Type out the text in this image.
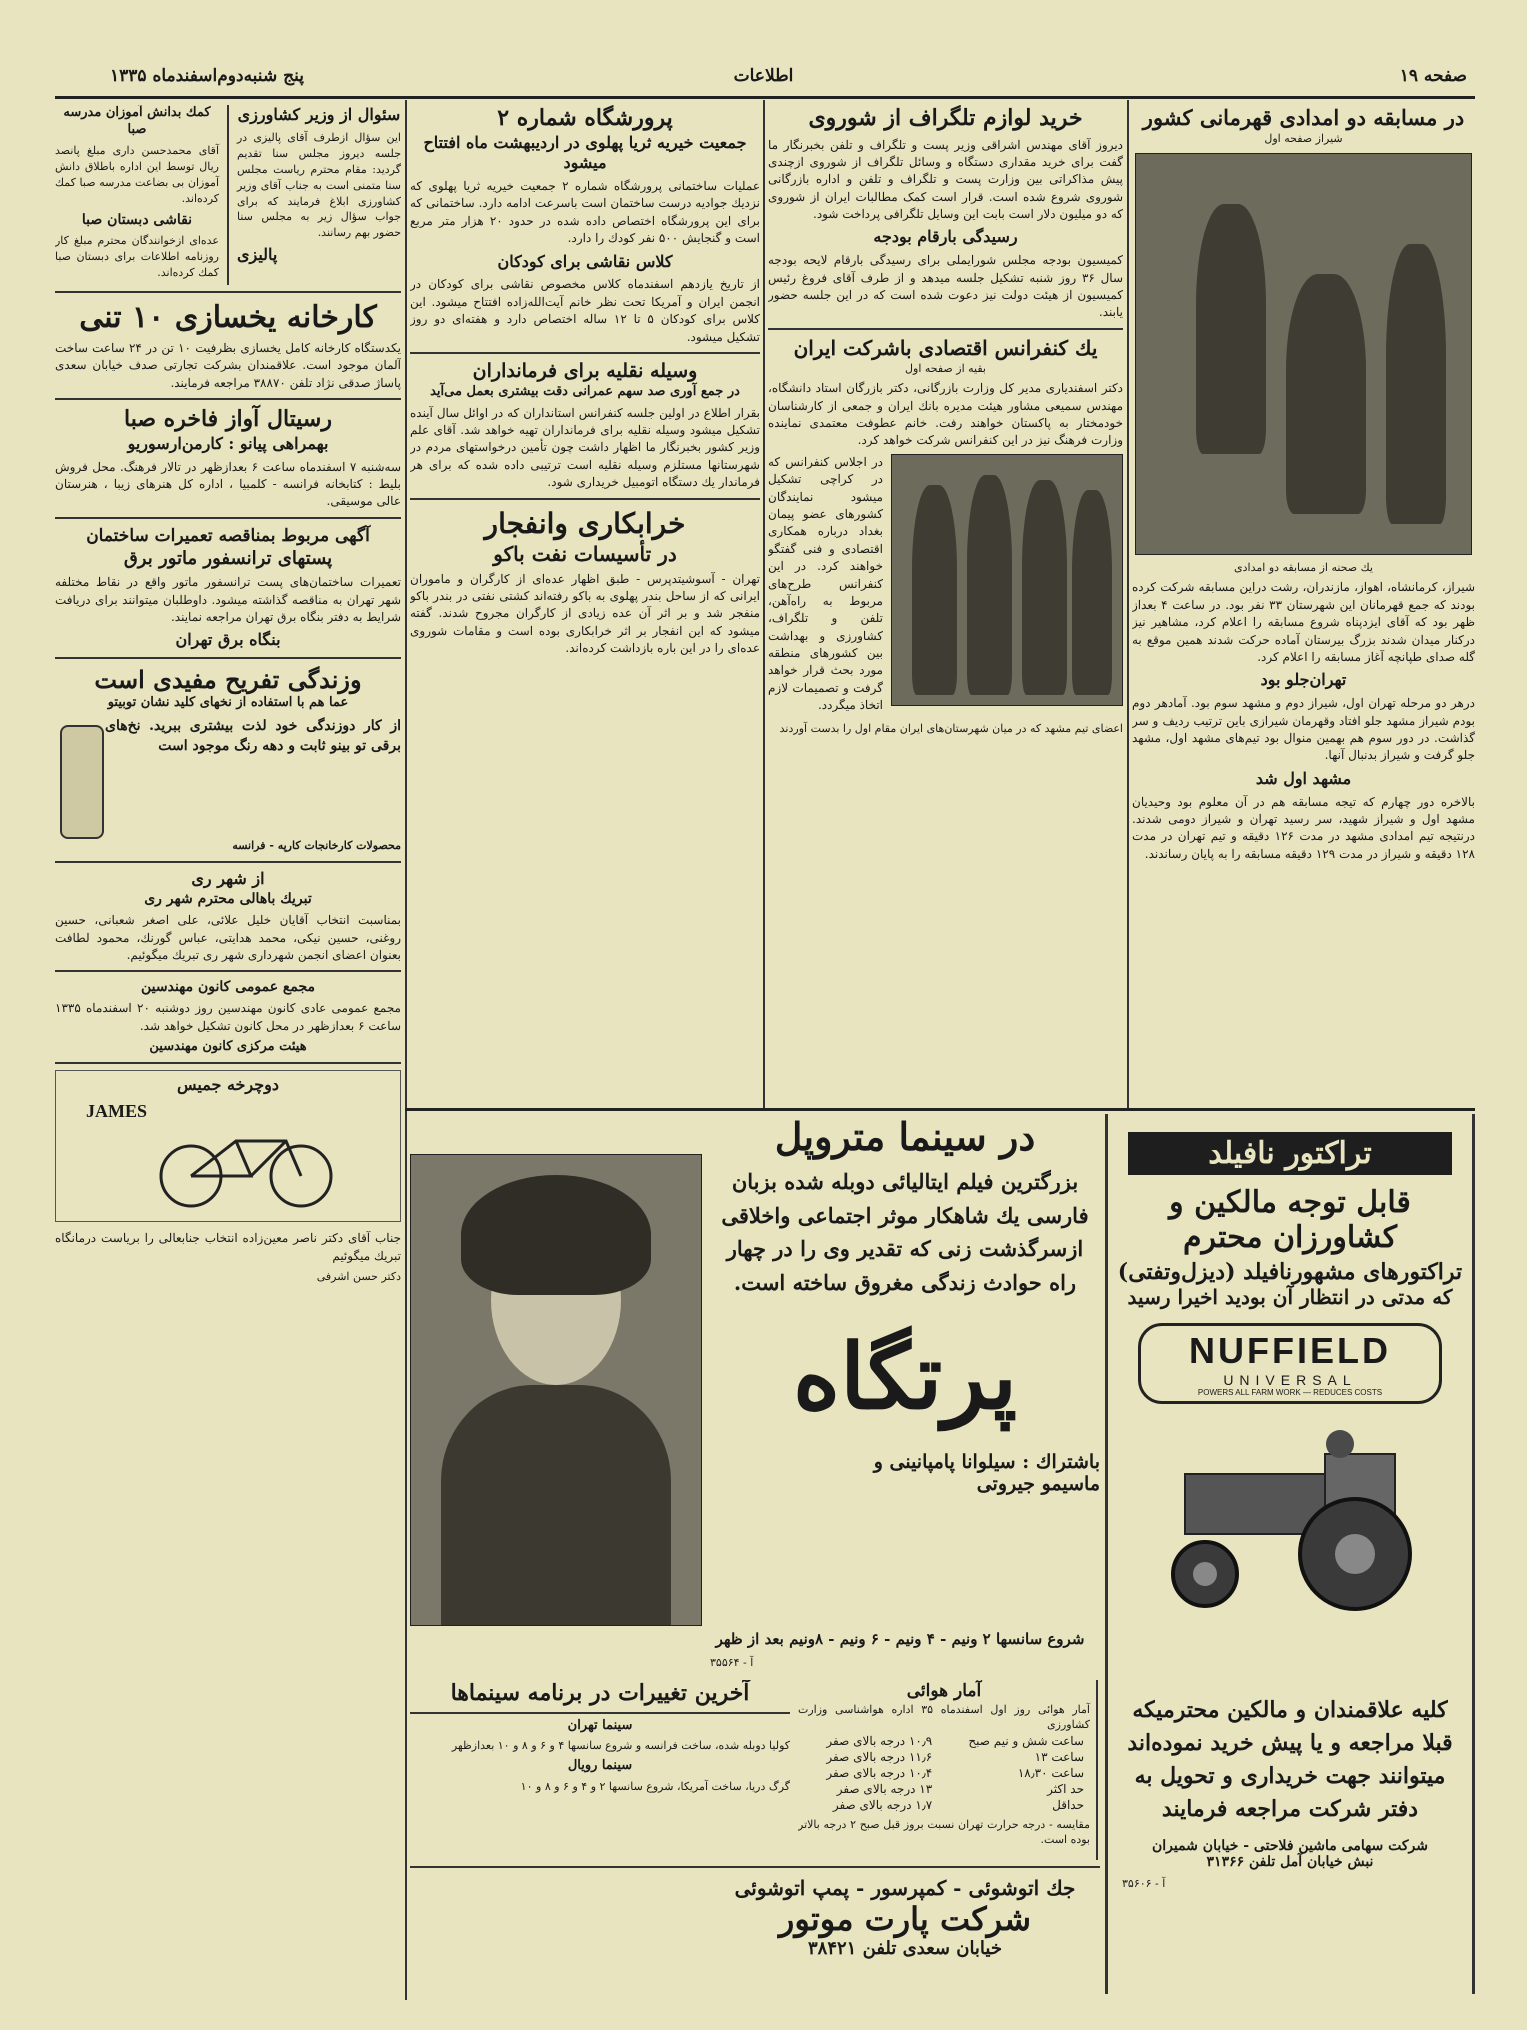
صفحه ۱۹
اطلاعات
پنج شنبه‌دوم‌اسفندماه ۱۳۳۵
در مسابقه دو امدادی قهرمانی کشور
شیراز صفحه اول
یك صحنه از مسابقه دو امدادی
شیراز، کرمانشاه، اهواز، مازندران، رشت دراین مسابقه شرکت کرده بودند که جمع قهرمانان این شهرستان ۳۳ نفر بود. در ساعت ۴ بعداز ظهر بود که آقای ایزدپناه شروع مسابقه را اعلام کرد، مشاهیر نیز درکنار میدان شدند بزرگ بیرستان آماده حرکت شدند همین موقع به گله صدای طپانچه آغاز مسابقه را اعلام کرد.
تهران‌جلو بود
درهر دو مرحله تهران اول، شیراز دوم و مشهد سوم بود. آمادهر دوم بودم شیراز مشهد جلو افتاد وقهرمان شیرازی باین ترتیب ردیف و سر گذاشت. در دور سوم هم بهمین منوال بود تیم‌های مشهد اول، مشهد جلو گرفت و شیراز بدنبال آنها.
مشهد اول شد
بالاخره دور چهارم که تیجه مسابقه هم‌ در آن معلوم بود وحیدیان مشهد اول و شیراز شهید، سر رسید تهران و شیراز دومی شدند. درنتیجه تیم امدادی مشهد در مدت ۱۲۶ دقیقه و تیم تهران در مدت ۱۲۸ دقیقه و شیراز در مدت ۱۲۹ دقیقه مسابقه را به پایان رساندند.
خرید لوازم تلگراف از شوروی
دیروز آقای مهندس اشراقی وزیر پست و تلگراف و تلفن بخبرنگار ما گفت برای خرید مقداری دستگاه و وسائل تلگراف از شوروی ازچندی پیش مذاکراتی بین وزارت پست و تلگراف و تلفن و اداره بازرگانی شوروی شروع شده است. قرار است کمک مطالبات ایران از شوروی که دو میلیون دلار است بابت این وسایل تلگرافی پرداخت شود.
رسیدگی بارقام بودجه
کمیسیون بودجه مجلس شورایملی برای رسیدگی بارقام لایحه بودجه سال ۳۶ روز شنبه تشکیل جلسه میدهد و از طرف آقای فروغ رئیس کمیسیون از هیئت دولت نیز دعوت شده است که در این جلسه حضور یابند.
یك کنفرانس اقتصادی باشرکت ایران
بقیه از صفحه اول
دکتر اسفندیاری مدیر کل وزارت بازرگانی، دکتر بازرگان استاد دانشگاه، مهندس سمیعی مشاور هیئت مدیره بانك ایران و جمعی از کارشناسان خودمختار به پاکستان خواهند رفت. خانم عطوفت معتمدی نماینده وزارت فرهنگ نیز در این کنفرانس شرکت خواهد کرد.
در اجلاس کنفرانس که در کراچی تشکیل میشود نمایندگان کشورهای عضو پیمان بغداد درباره همکاری اقتصادی و فنی گفتگو خواهند کرد. در این کنفرانس طرح‌های مربوط به راه‌آهن، تلفن و تلگراف، کشاورزی و بهداشت بین کشورهای منطقه مورد بحث قرار خواهد گرفت و تصمیمات لازم اتخاذ میگردد.
اعضای تیم مشهد که در میان شهرستان‌های ایران مقام اول را بدست آوردند
پرورشگاه شماره ۲
جمعیت خیریه ثریا پهلوی در اردیبهشت ماه افتتاح میشود
عملیات ساختمانی پرورشگاه شماره ۲ جمعیت خیریه ثریا پهلوی که نزدیك جوادیه درست ساختمان است باسرعت ادامه دارد. ساختمانی که برای این پرورشگاه اختصاص داده شده در حدود ۲۰ هزار متر مربع است و گنجایش ۵۰۰ نفر کودك را دارد.
کلاس نقاشی برای کودکان
از تاریخ یازدهم اسفندماه کلاس مخصوص نقاشی برای کودکان در انجمن ایران و آمریکا تحت نظر خانم آیت‌الله‌زاده افتتاح میشود. این کلاس برای کودکان ۵ تا ۱۲ ساله اختصاص دارد و هفته‌ای دو روز تشکیل میشود.
وسیله نقلیه برای فرمانداران
در جمع آوری صد سهم عمرانی دقت بیشتری بعمل می‌آید
بقرار اطلاع در اولین جلسه کنفرانس استانداران که در اوائل سال آینده تشکیل میشود وسیله نقلیه برای فرمانداران تهیه خواهد شد. آقای علم وزیر کشور بخبرنگار ما اظهار داشت چون تأمین درخواستهای مردم در شهرستانها مستلزم وسیله نقلیه است ترتیبی داده شده که برای هر فرماندار یك دستگاه اتومبیل خریداری شود.
خرابکاری وانفجار
در تأسیسات نفت باکو
تهران - آسوشیتدپرس - طبق اظهار عده‌ای از کارگران و ماموران ایرانی که از ساحل بندر پهلوی به باکو رفته‌اند کشتی نفتی در بندر باکو منفجر شد و بر اثر آن عده زیادی از کارگران مجروح شدند. گفته میشود که این انفجار بر اثر خرابکاری بوده است و مقامات شوروی عده‌ای را در این باره بازداشت کرده‌اند.
سئوال از وزیر کشاورزی
این سؤال ازطرف آقای پالیزی در جلسه دیروز مجلس سنا تقدیم گردید: مقام محترم ریاست مجلس سنا متمنی است به جناب آقای وزیر کشاورزی ابلاغ فرمایند که برای جواب سؤال زیر به مجلس سنا حضور بهم رسانند.
پالیزی
کمك بدانش آموزان مدرسه صبا
آقای محمدحسن داری مبلغ پانصد ریال توسط این اداره باطلاق دانش آموزان بی بضاعت مدرسه صبا کمك کرده‌اند.
نقاشی دبستان صبا
عده‌ای ازخوانندگان محترم مبلغ کار روزنامه اطلاعات برای دبستان صبا کمك کرده‌اند.
کارخانه یخسازی ۱۰ تنی
یکدستگاه کارخانه کامل یخسازی بظرفیت ۱۰ تن در ۲۴ ساعت ساخت آلمان موجود است. علاقمندان بشرکت تجارتی صدف خیابان سعدی پاساژ صدقی نژاد تلفن ۳۸۸۷۰ مراجعه فرمایند.
رسیتال آواز فاخره صبا
بهمراهی پیانو : کارمن‌ارسوریو
سه‌شنبه ۷ اسفندماه ساعت ۶ بعدازظهر در تالار فرهنگ. محل فروش بلیط : کتابخانه فرانسه - کلمبیا ، اداره کل هنرهای زیبا ، هنرستان عالی موسیقی.
آگهی مربوط بمناقصه تعمیرات ساختمان
پستهای ترانسفور ماتور برق
تعمیرات ساختمان‌های پست ترانسفور ماتور واقع در نقاط مختلفه شهر تهران به مناقصه گذاشته میشود. داوطلبان میتوانند برای دریافت شرایط به دفتر بنگاه برق تهران مراجعه نمایند.
بنگاه برق تهران
وزندگی تفریح مفیدی است
عما هم با استفاده از نخهای کلید نشان توبیتو
از کار دوزندگی خود لذت بیشتری ببرید. نخ‌های برقی تو بینو ثابت و دهه رنگ موجود است
محصولات کارخانجات کارپه - فرانسه
از شهر ری
تبریك باهالی محترم شهر ری
بمناسبت انتخاب آقایان خلیل علائی، علی اصغر شعبانی، حسین روغنی، حسین نیکی، محمد هدایتی، عباس گورنك، محمود لطافت بعنوان اعضای انجمن شهرداری شهر ری تبریك میگوئیم.
مجمع عمومی کانون مهندسین
مجمع عمومی عادی کانون مهندسین روز دوشنبه ۲۰ اسفندماه ۱۳۳۵ ساعت ۶ بعدازظهر در محل کانون تشکیل خواهد شد.
هیئت مرکزی کانون مهندسین
دوچرخه جمیس
JAMES
جناب آقای دکتر ناصر معین‌زاده انتخاب جنابعالی را بریاست درمانگاه تبریك میگوئیم
دکتر حسن اشرفی
در سینما متروپل
بزرگترین فیلم ایتالیائی دوبله شده بزبان فارسی يك شاهكار موثر اجتماعی واخلاقی ازسرگذشت زنی كه تقدیر وی را در چهار راه حوادث زندگی مغروق ساخته است.
پرتگاه
باشتراك : سیلوانا پامپانینی و
ماسیمو جیروتی
شروع سانسها ۲ ونیم - ۴ ونیم - ۶ ونیم - ۸ونیم بعد از ظهر
آ - ۳۵۵۶۴
تراکتور نافیلد
قابل توجه مالکین و
کشاورزان محترم
تراکتورهای مشهورنافیلد (دیزل‌وتفتی)
که مدتی در انتظار آن بودید اخیرا رسید
NUFFIELD
UNIVERSAL
POWERS ALL FARM WORK — REDUCES COSTS
کلیه علاقمندان و مالکین محترمیکه
قبلا مراجعه و یا پیش خرید نموده‌اند
میتوانند جهت خریداری و تحویل به
دفتر شرکت مراجعه فرمایند
شرکت سهامی ماشین فلاحتی - خیابان شمیران
نبش خیابان آمل تلفن ۳۱۳۶۶
آ - ۳۵۶۰۶
آخرین تغییرات در برنامه سینماها
سینما تهران
کولیا دوبله شده، ساخت فرانسه و شروع سانسها ۴ و ۶ و ۸ و ۱۰ بعدازظهر
سینما رویال
گرگ دریا، ساخت آمریکا، شروع سانسها ۲ و ۴ و ۶ و ۸ و ۱۰
آمار هوائی
آمار هوائی روز اول اسفندماه ۳۵ اداره هواشناسی وزارت کشاورزی
ساعت شش و نیم صبح	۱۰٫۹ درجه بالای صفر
ساعت ۱۳	۱۱٫۶ درجه بالای صفر
ساعت ۱۸٫۳۰	۱۰٫۴ درجه بالای صفر
حد اکثر	۱۳ درجه بالای صفر
حداقل	۱٫۷ درجه بالای صفر
مقایسه - درجه حرارت تهران نسبت بروز قبل صبح ۲ درجه بالاتر بوده است.
جك اتوشوئی - کمپرسور - پمپ اتوشوئی
شرکت پارت موتور
خیابان سعدی تلفن ۳۸۴۲۱
